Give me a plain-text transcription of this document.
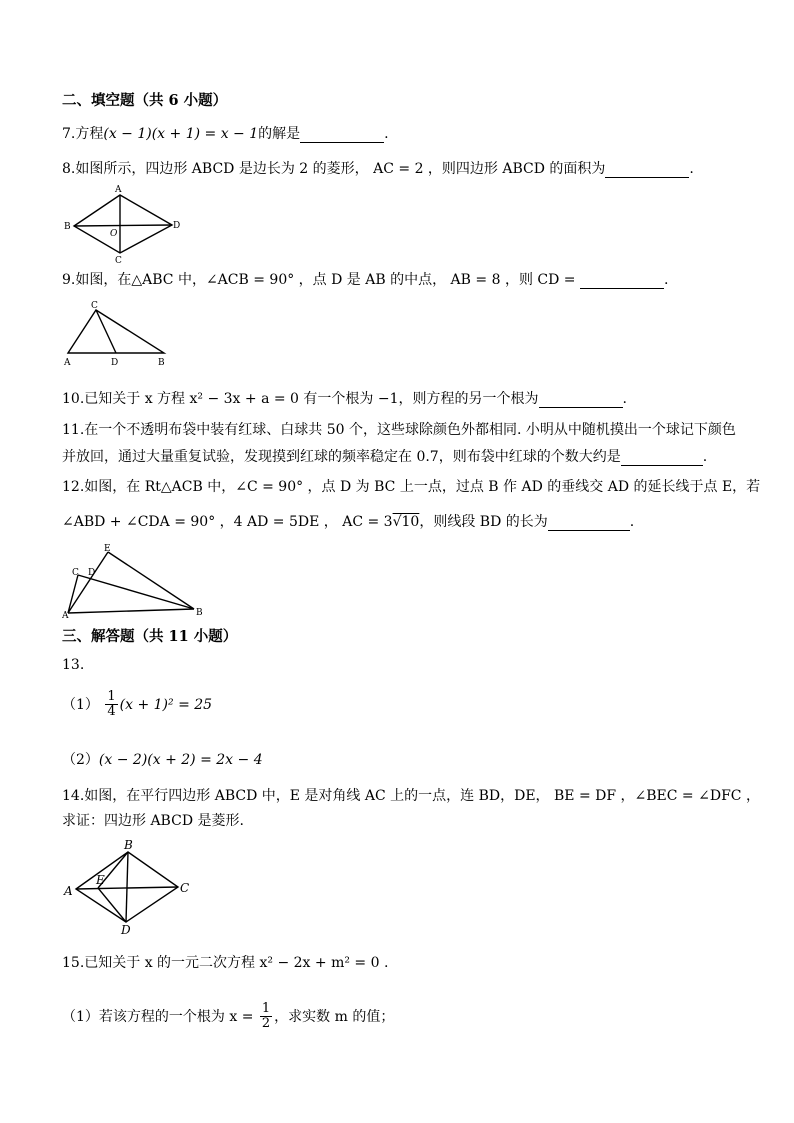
二、填空题（共 6 小题）
7.方程(x − 1)(x + 1) = x − 1的解是	.
8.如图所示，四边形 ABCD 是边长为 2 的菱形， AC = 2 ，则四边形 ABCD 的面积为	.
A
B
C
D
O
9.如图，在△ABC 中，∠ACB = 90° ，点 D 是 AB 的中点， AB = 8 ，则 CD =	.
C
A	D	B
10.已知关于 x 方程 x² − 3x + a = 0 有一个根为 −1，则方程的另一个根为	.
11.在一个不透明布袋中装有红球、白球共 50 个，这些球除颜色外都相同. 小明从中随机摸出一个球记下颜色
并放回，通过大量重复试验，发现摸到红球的频率稳定在 0.7，则布袋中红球的个数大约是	.
12.如图，在 Rt△ACB 中，∠C = 90° ，点 D 为 BC 上一点，过点 B 作 AD 的垂线交 AD 的延长线于点 E，若
∠ABD + ∠CDA = 90° ，4 AD = 5DE ， AC = 3√10，则线段 BD 的长为	.
E
C D
A	B
三、解答题（共 11 小题）
13.
$(1) \frac{1}{4} (x + 1)^2 = 25$
（2）(x − 2)(x + 2) = 2x − 4
14.如图，在平行四边形 ABCD 中，E 是对角线 AC 上的一点，连 BD，DE， BE = DF ，∠BEC = ∠DFC ，
求证：四边形 ABCD 是菱形.
B
A
E
C
D
15.已知关于 x 的一元二次方程 x² − 2x + m² = 0 .
（1）若该方程的一个根为 $x = \frac{1}{2}$ ，求实数 m 的值；
